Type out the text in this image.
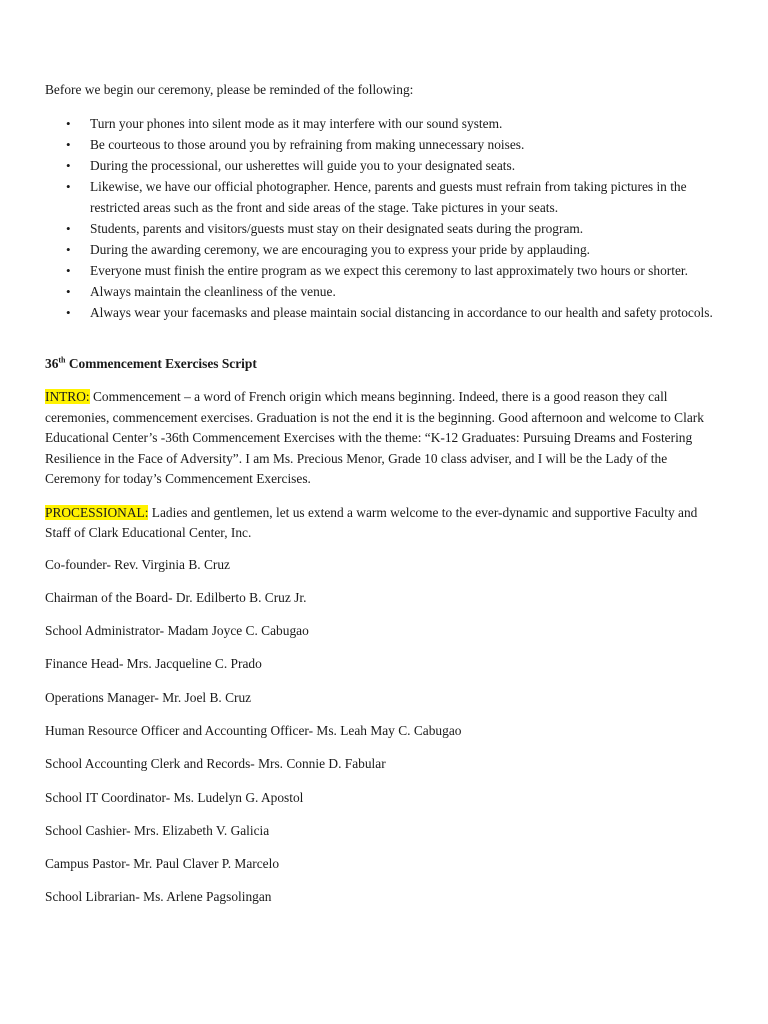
Before we begin our ceremony, please be reminded of the following:

• Turn your phones into silent mode as it may interfere with our sound system.
• Be courteous to those around you by refraining from making unnecessary noises.
• During the processional, our usherettes will guide you to your designated seats.
• Likewise, we have our official photographer. Hence, parents and guests must refrain from taking pictures in the restricted areas such as the front and side areas of the stage. Take pictures in your seats.
• Students, parents and visitors/guests must stay on their designated seats during the program.
• During the awarding ceremony, we are encouraging you to express your pride by applauding.
• Everyone must finish the entire program as we expect this ceremony to last approximately two hours or shorter.
• Always maintain the cleanliness of the venue.
• Always wear your facemasks and please maintain social distancing in accordance to our health and safety protocols.

36th Commencement Exercises Script

INTRO: Commencement – a word of French origin which means beginning. Indeed, there is a good reason they call ceremonies, commencement exercises. Graduation is not the end it is the beginning. Good afternoon and welcome to Clark Educational Center’s -36th Commencement Exercises with the theme: “K-12 Graduates: Pursuing Dreams and Fostering Resilience in the Face of Adversity”. I am Ms. Precious Menor, Grade 10 class adviser, and I will be the Lady of the Ceremony for today’s Commencement Exercises.

PROCESSIONAL: Ladies and gentlemen, let us extend a warm welcome to the ever-dynamic and supportive Faculty and Staff of Clark Educational Center, Inc.

Co-founder- Rev. Virginia B. Cruz
Chairman of the Board- Dr. Edilberto B. Cruz Jr.
School Administrator- Madam Joyce C. Cabugao
Finance Head- Mrs. Jacqueline C. Prado
Operations Manager- Mr. Joel B. Cruz
Human Resource Officer and Accounting Officer- Ms. Leah May C. Cabugao
School Accounting Clerk and Records- Mrs. Connie D. Fabular
School IT Coordinator- Ms. Ludelyn G. Apostol
School Cashier- Mrs. Elizabeth V. Galicia
Campus Pastor- Mr. Paul Claver P. Marcelo
School Librarian- Ms. Arlene Pagsolingan
